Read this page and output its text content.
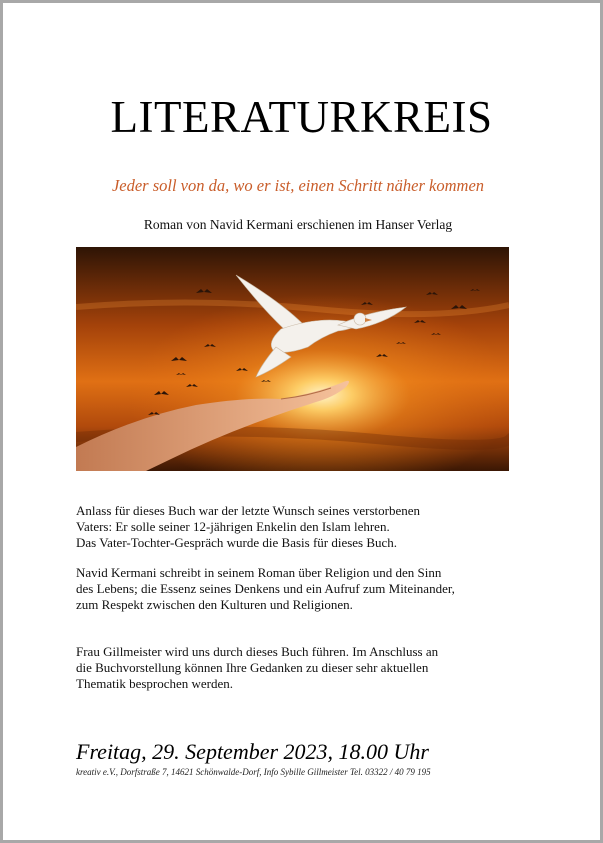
LITERATURKREIS

Jeder soll von da, wo er ist, einen Schritt näher kommen

Roman von Navid Kermani erschienen im Hanser Verlag
Anlass für dieses Buch war der letzte Wunsch seines verstorbenen
Vaters: Er solle seiner 12-jährigen Enkelin den Islam lehren.
Das Vater-Tochter-Gespräch wurde die Basis für dieses Buch.
Navid Kermani schreibt in seinem Roman über Religion und den Sinn
des Lebens; die Essenz seines Denkens und ein Aufruf zum Miteinander,
zum Respekt zwischen den Kulturen und Religionen.
Frau Gillmeister wird uns durch dieses Buch führen. Im Anschluss an
die Buchvorstellung können Ihre Gedanken zu dieser sehr aktuellen
Thematik besprochen werden.
Freitag, 29. September 2023, 18.00 Uhr
kreativ e.V., Dorfstraße 7, 14621 Schönwalde-Dorf, Info Sybille Gillmeister Tel. 03322 / 40 79 195
